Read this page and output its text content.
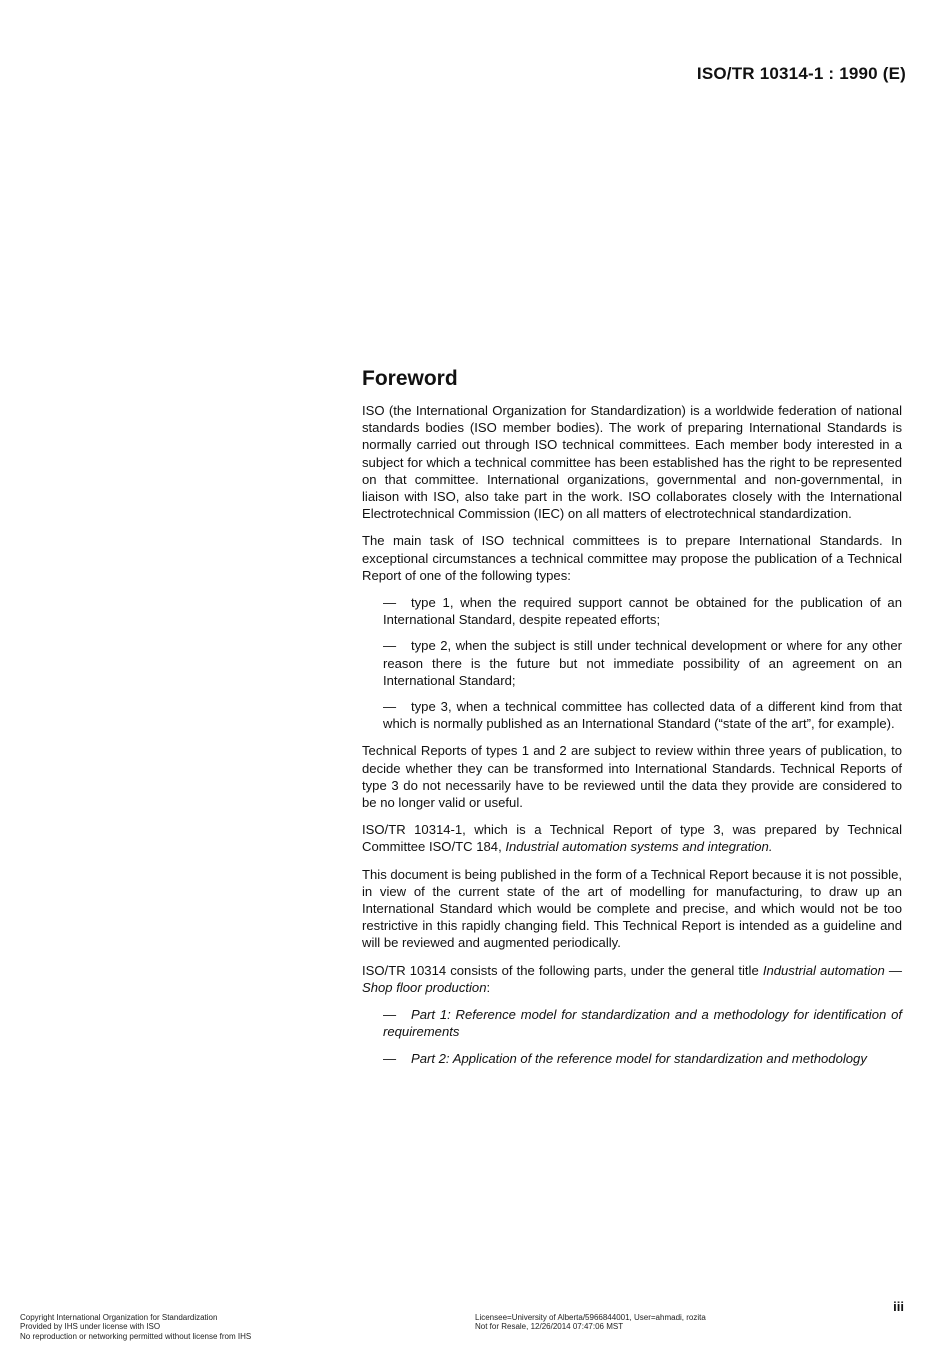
ISO/TR 10314-1 : 1990 (E)
Foreword

ISO (the International Organization for Standardization) is a worldwide federation of national standards bodies (ISO member bodies). The work of preparing International Standards is normally carried out through ISO technical committees. Each member body interested in a subject for which a technical committee has been established has the right to be represented on that committee. International organizations, governmental and non-governmental, in liaison with ISO, also take part in the work. ISO collaborates closely with the International Electrotechnical Commission (IEC) on all matters of electrotechnical standardization.

The main task of ISO technical committees is to prepare International Standards. In exceptional circumstances a technical committee may propose the publication of a Technical Report of one of the following types:

— type 1, when the required support cannot be obtained for the publication of an International Standard, despite repeated efforts;
— type 2, when the subject is still under technical development or where for any other reason there is the future but not immediate possibility of an agreement on an International Standard;
— type 3, when a technical committee has collected data of a different kind from that which is normally published as an International Standard (“state of the art”, for example).

Technical Reports of types 1 and 2 are subject to review within three years of publication, to decide whether they can be transformed into International Standards. Technical Reports of type 3 do not necessarily have to be reviewed until the data they provide are considered to be no longer valid or useful.

ISO/TR 10314-1, which is a Technical Report of type 3, was prepared by Technical Committee ISO/TC 184, Industrial automation systems and integration.

This document is being published in the form of a Technical Report because it is not possible, in view of the current state of the art of modelling for manufacturing, to draw up an International Standard which would be complete and precise, and which would not be too restrictive in this rapidly changing field. This Technical Report is intended as a guideline and will be reviewed and augmented periodically.

ISO/TR 10314 consists of the following parts, under the general title Industrial automation — Shop floor production:

— Part 1: Reference model for standardization and a methodology for identification of requirements
— Part 2: Application of the reference model for standardization and methodology
iii
Copyright International Organization for Standardization
Provided by IHS under license with ISO
No reproduction or networking permitted without license from IHS
Licensee=University of Alberta/5966844001, User=ahmadi, rozita
Not for Resale, 12/26/2014 07:47:06 MST
